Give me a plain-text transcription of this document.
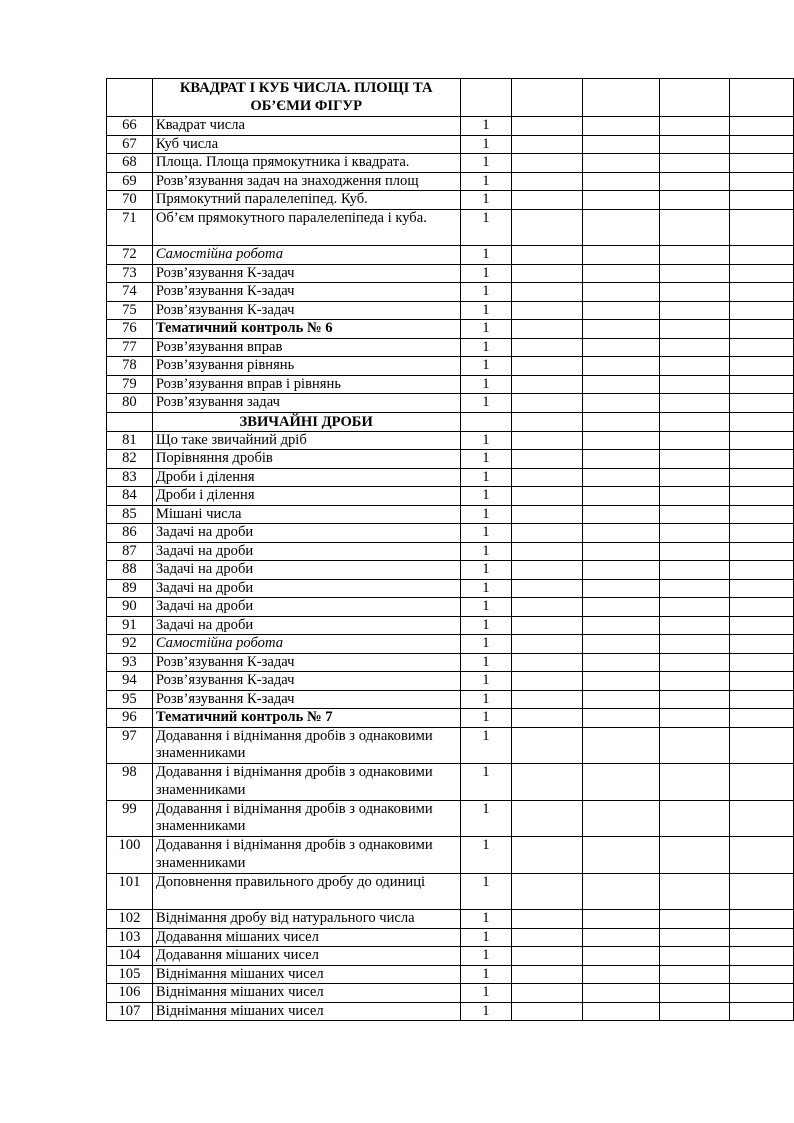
	КВАДРАТ І КУБ ЧИСЛА. ПЛОЩІ ТА ОБ’ЄМИ ФІГУР					
66	Квадрат числа	1				
67	Куб числа	1				
68	Площа. Площа прямокутника і квадрата.	1				
69	Розв’язування задач на знаходження площ	1				
70	Прямокутний паралелепіпед. Куб.	1				
71	Об’єм прямокутного паралелепіпеда і куба.	1				
72	Самостійна робота	1				
73	Розв’язування К-задач	1				
74	Розв’язування К-задач	1				
75	Розв’язування К-задач	1				
76	Тематичний контроль № 6	1				
77	Розв’язування вправ	1				
78	Розв’язування рівнянь	1				
79	Розв’язування вправ і рівнянь	1				
80	Розв’язування задач	1				
	ЗВИЧАЙНІ ДРОБИ					
81	Що таке звичайний дріб	1				
82	Порівняння дробів	1				
83	Дроби і ділення	1				
84	Дроби і ділення	1				
85	Мішані числа	1				
86	Задачі на дроби	1				
87	Задачі на дроби	1				
88	Задачі на дроби	1				
89	Задачі на дроби	1				
90	Задачі на дроби	1				
91	Задачі на дроби	1				
92	Самостійна робота	1				
93	Розв’язування К-задач	1				
94	Розв’язування К-задач	1				
95	Розв’язування К-задач	1				
96	Тематичний контроль № 7	1				
97	Додавання і віднімання дробів з однаковими знаменниками	1				
98	Додавання і віднімання дробів з однаковими знаменниками	1				
99	Додавання і віднімання дробів з однаковими знаменниками	1				
100	Додавання і віднімання дробів з однаковими знаменниками	1				
101	Доповнення правильного дробу до одиниці	1				
102	Віднімання дробу від натурального числа	1				
103	Додавання мішаних чисел	1				
104	Додавання мішаних чисел	1				
105	Віднімання мішаних чисел	1				
106	Віднімання мішаних чисел	1				
107	Віднімання мішаних чисел	1				
